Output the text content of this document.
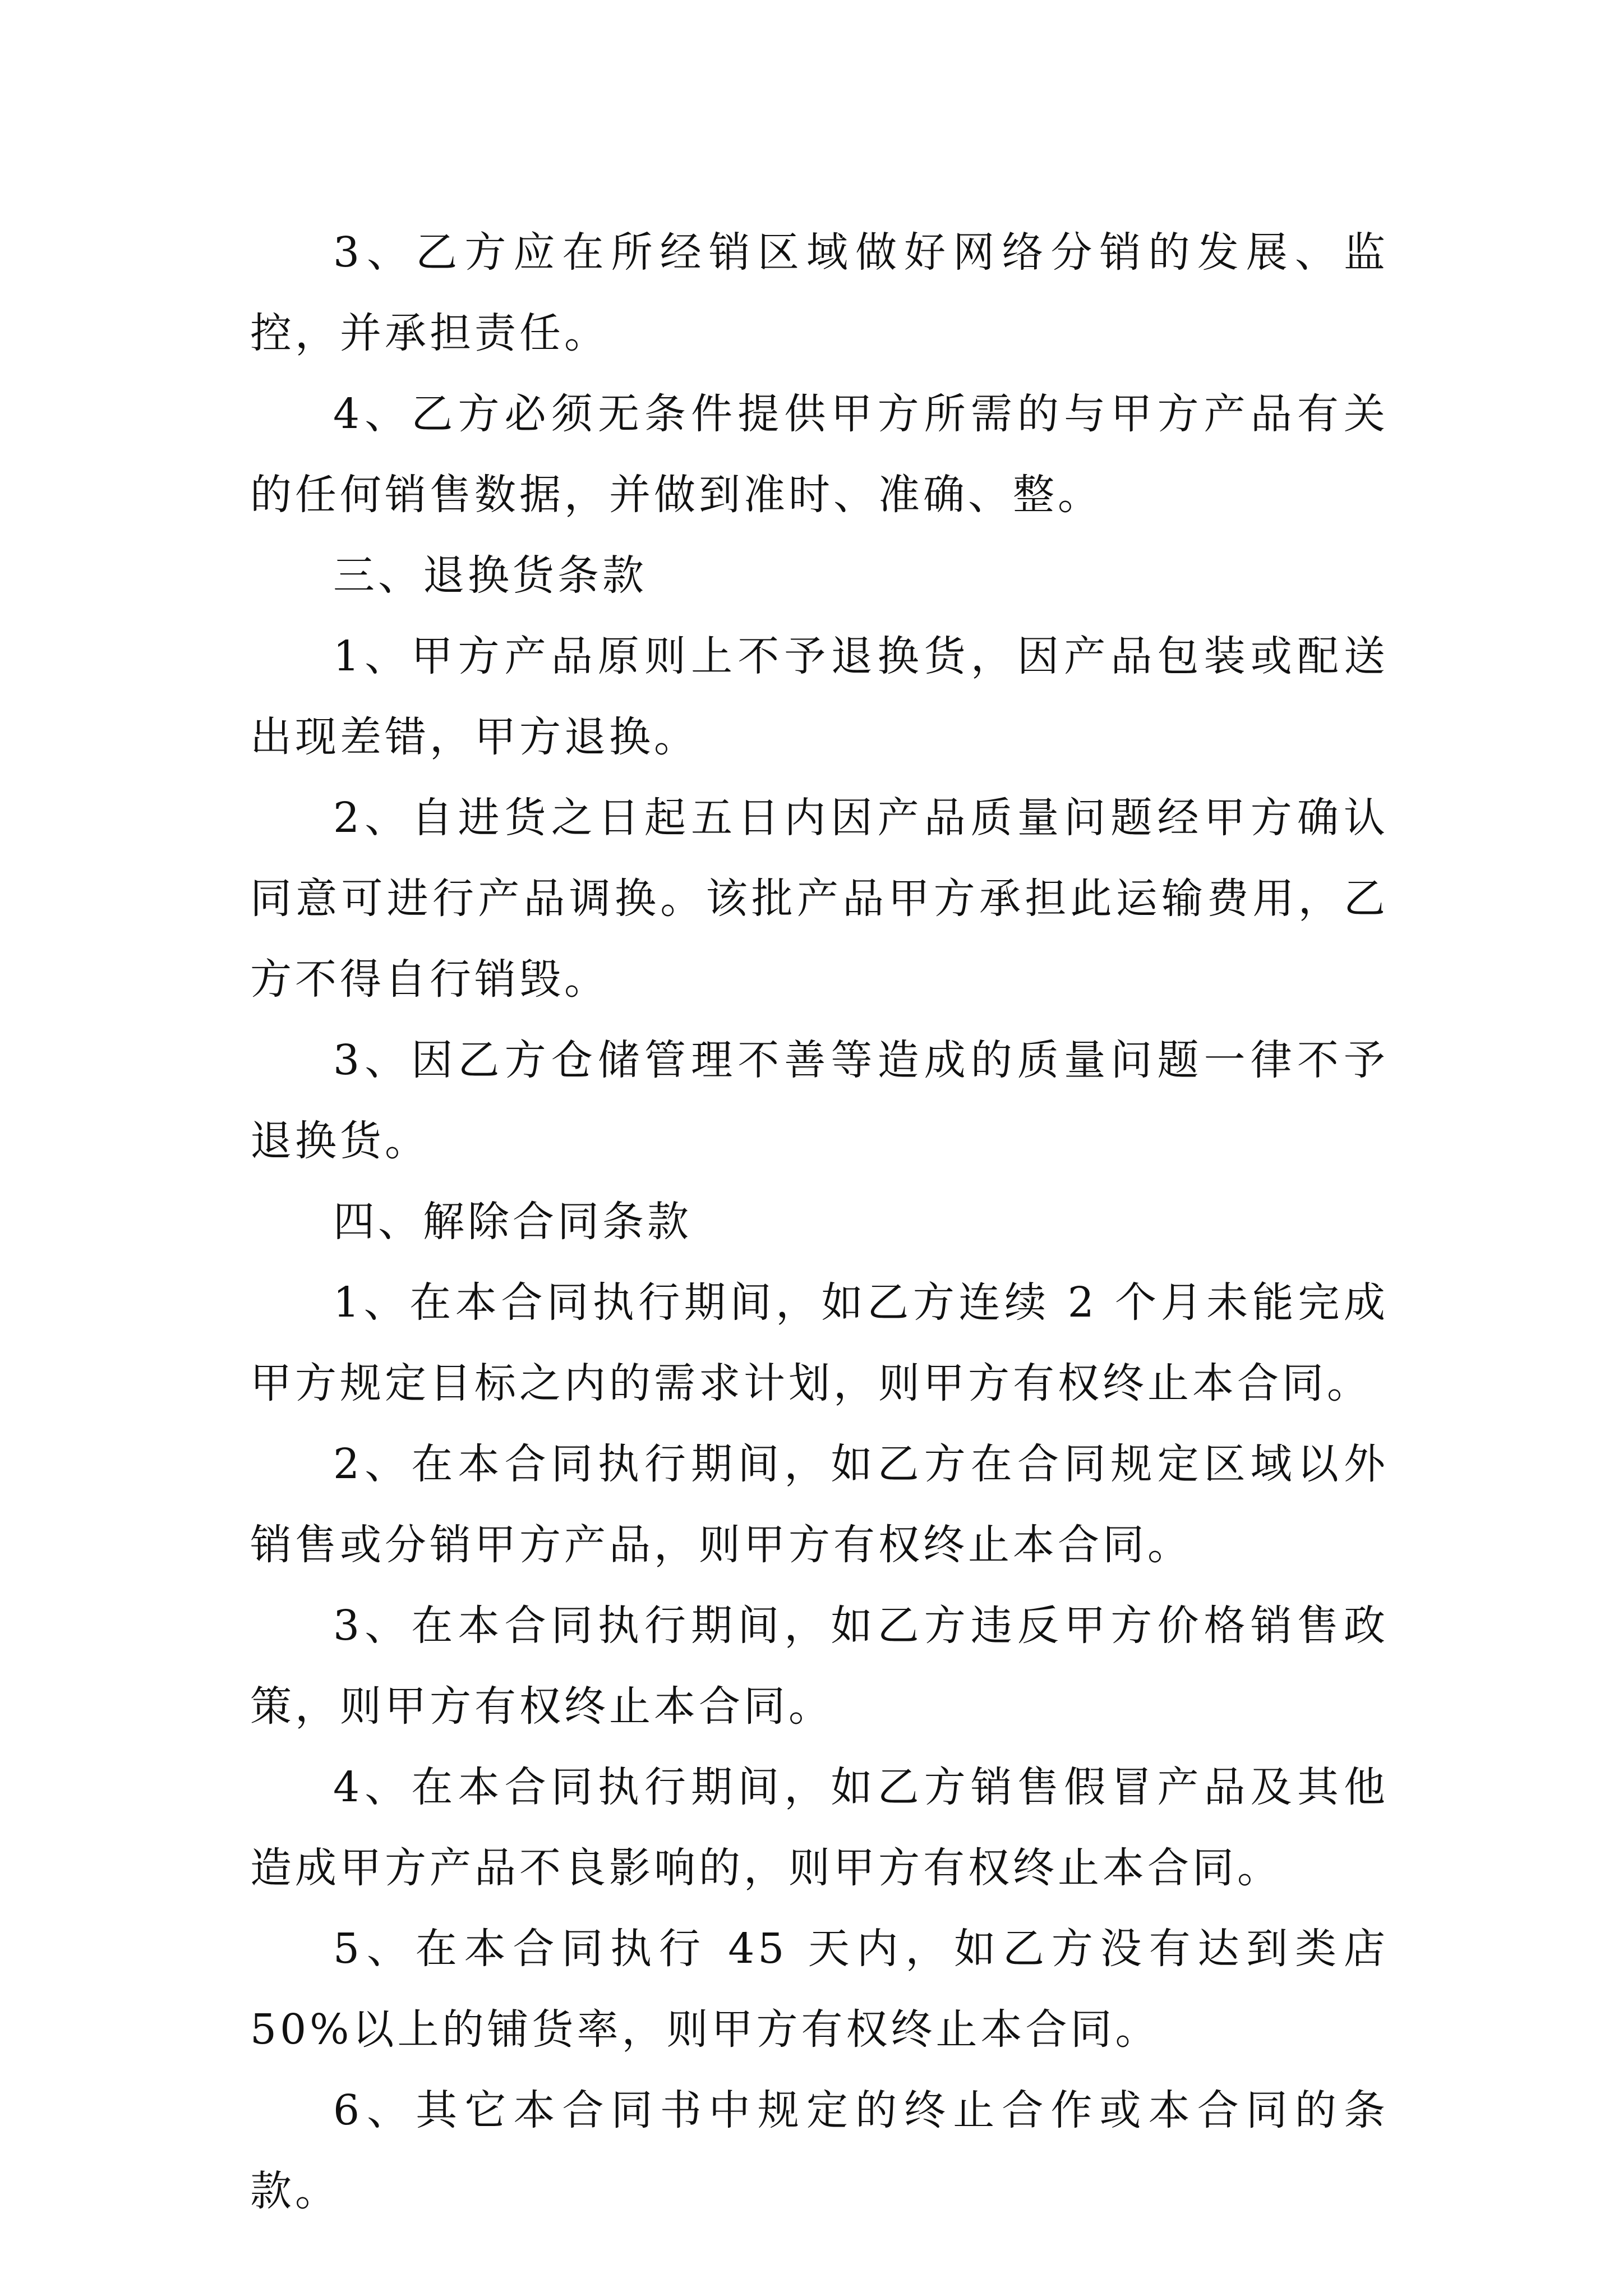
3、乙方应在所经销区域做好网络分销的发展、监控，并承担责任。

4、乙方必须无条件提供甲方所需的与甲方产品有关的任何销售数据，并做到准时、准确、整。

三、退换货条款

1、甲方产品原则上不予退换货，因产品包装或配送出现差错，甲方退换。

2、自进货之日起五日内因产品质量问题经甲方确认同意可进行产品调换。该批产品甲方承担此运输费用，乙方不得自行销毁。

3、因乙方仓储管理不善等造成的质量问题一律不予退换货。

四、解除合同条款

1、在本合同执行期间，如乙方连续 2 个月未能完成甲方规定目标之内的需求计划，则甲方有权终止本合同。

2、在本合同执行期间，如乙方在合同规定区域以外销售或分销甲方产品，则甲方有权终止本合同。

3、在本合同执行期间，如乙方违反甲方价格销售政策，则甲方有权终止本合同。

4、在本合同执行期间，如乙方销售假冒产品及其他造成甲方产品不良影响的，则甲方有权终止本合同。

5、在本合同执行 45 天内，如乙方没有达到类店 50%以上的铺货率，则甲方有权终止本合同。

6、其它本合同书中规定的终止合作或本合同的条款。
